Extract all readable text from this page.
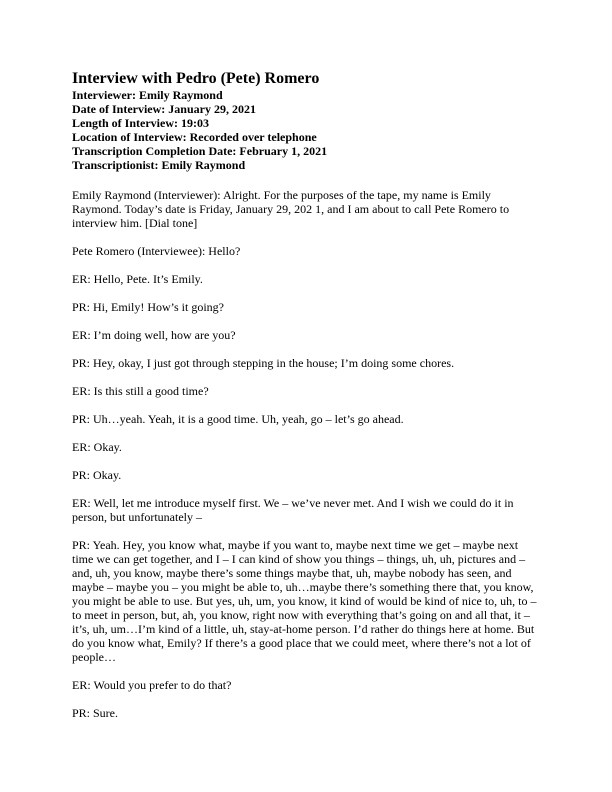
Interview with Pedro (Pete) Romero

Interviewer: Emily Raymond

Date of Interview: January 29, 2021

Length of Interview: 19:03

Location of Interview: Recorded over telephone

Transcription Completion Date: February 1, 2021

Transcriptionist: Emily Raymond

Emily Raymond (Interviewer): Alright. For the purposes of the tape, my name is Emily
Raymond. Today’s date is Friday, January 29, 202 1, and I am about to call Pete Romero to
interview him. [Dial tone]

Pete Romero (Interviewee): Hello?

ER: Hello, Pete. It’s Emily.

PR: Hi, Emily! How’s it going?

ER: I’m doing well, how are you?

PR: Hey, okay, I just got through stepping in the house; I’m doing some chores.

ER: Is this still a good time?

PR: Uh…yeah. Yeah, it is a good time. Uh, yeah, go – let’s go ahead.

ER: Okay.

PR: Okay.

ER: Well, let me introduce myself first. We – we’ve never met. And I wish we could do it in
person, but unfortunately –

PR: Yeah. Hey, you know what, maybe if you want to, maybe next time we get – maybe next
time we can get together, and I – I can kind of show you things – things, uh, uh, pictures and –
and, uh, you know, maybe there’s some things maybe that, uh, maybe nobody has seen, and
maybe – maybe you – you might be able to, uh…maybe there’s something there that, you know,
you might be able to use. But yes, uh, um, you know, it kind of would be kind of nice to, uh, to –
to meet in person, but, ah, you know, right now with everything that’s going on and all that, it –
it’s, uh, um…I’m kind of a little, uh, stay-at-home person. I’d rather do things here at home. But
do you know what, Emily? If there’s a good place that we could meet, where there’s not a lot of
people…

ER: Would you prefer to do that?

PR: Sure.
